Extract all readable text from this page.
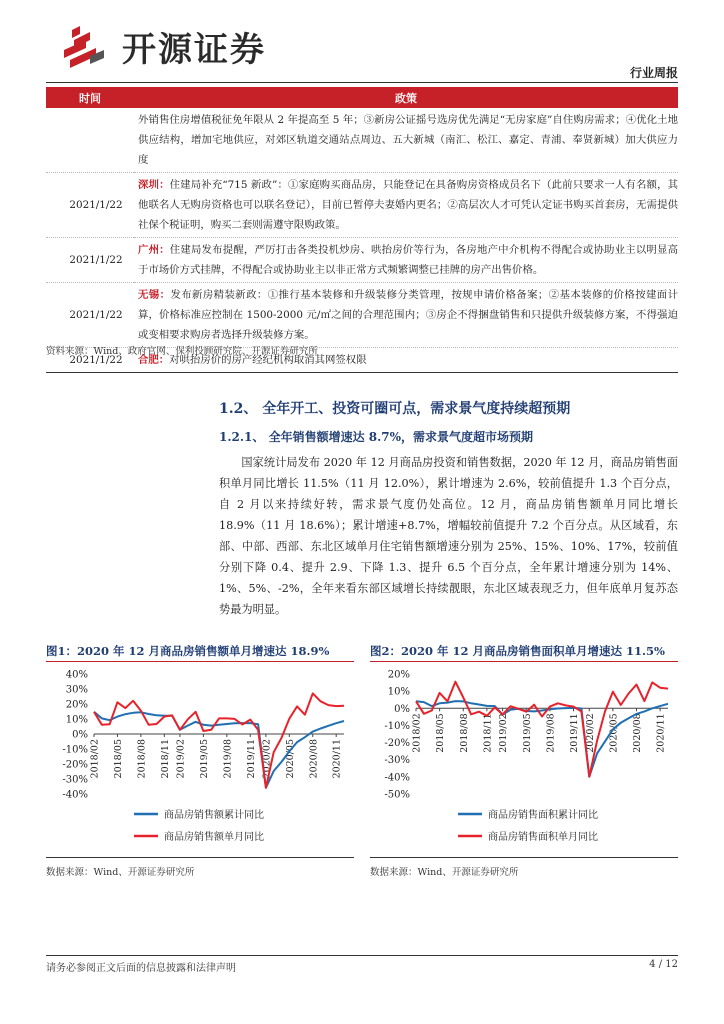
开源证券
行业周报
时间	政策
	外销售住房增值税征免年限从 2 年提高至 5 年；③新房公证摇号选房优先满足“无房家庭”自住购房需求；④优化土地供应结构，增加宅地供应，对郊区轨道交通站点周边、五大新城（南汇、松江、嘉定、青浦、奉贤新城）加大供应力度
2021/1/22	深圳：住建局补充“715 新政”：①家庭购买商品房，只能登记在具备购房资格成员名下（此前只要求一人有名额，其他联名人无购房资格也可以联名登记），目前已暂停夫妻婚内更名；②高层次人才可凭认定证书购买首套房，无需提供社保个税证明，购买二套则需遵守限购政策。
2021/1/22	广州：住建局发布提醒，严厉打击各类投机炒房、哄抬房价等行为，各房地产中介机构不得配合或协助业主以明显高于市场价方式挂牌，不得配合或协助业主以非正常方式频繁调整已挂牌的房产出售价格。
2021/1/22	无锡：发布新房精装新政：①推行基本装修和升级装修分类管理，按规申请价格备案；②基本装修的价格按建面计算，价格标准应控制在 1500-2000 元/㎡之间的合理范围内；③房企不得捆盘销售和只提供升级装修方案，不得强迫或变相要求购房者选择升级装修方案。
2021/1/22	合肥：对哄抬房价的房产经纪机构取消其网签权限
资料来源：Wind、政府官网、保利投顾研究院、开源证券研究所
1.2、 全年开工、投资可圈可点，需求景气度持续超预期
1.2.1、 全年销售额增速达 8.7%，需求景气度超市场预期

国家统计局发布 2020 年 12 月商品房投资和销售数据，2020 年 12 月，商品房销售面积单月同比增长 11.5%（11 月 12.0%），累计增速为 2.6%，较前值提升 1.3 个百分点，自 2 月以来持续好转，需求景气度仍处高位。12 月，商品房销售额单月同比增长 18.9%（11 月 18.6%）；累计增速+8.7%，增幅较前值提升 7.2 个百分点。从区域看，东部、中部、西部、东北区域单月住宅销售额增速分别为 25%、15%、10%、17%，较前值分别下降 0.4、提升 2.9、下降 1.3、提升 6.5 个百分点，全年累计增速分别为 14%、1%、5%、-2%，全年来看东部区域增长持续靓眼，东北区域表现乏力，但年底单月复苏态势最为明显。

图1：2020 年 12 月商品房销售额单月增速达 18.9%
40%
30%
20%
10%
0%
-10%
-20%
-30%
-40%
2018/02 2018/05 2018/08 2018/11 2019/02 2019/05 2019/08 2019/11 2020/02 2020/05 2020/08 2020/11
商品房销售额累计同比
商品房销售额单月同比
数据来源：Wind、开源证券研究所
图2：2020 年 12 月商品房销售面积单月增速达 11.5%
20%
10%
0%
-10%
-20%
-30%
-40%
-50%
2018/02 2018/05 2018/08 2018/11 2019/02 2019/05 2019/08 2019/11 2020/02 2020/05 2020/08 2020/11
商品房销售面积累计同比
商品房销售面积单月同比
数据来源：Wind、开源证券研究所
请务必参阅正文后面的信息披露和法律声明	4 / 12
